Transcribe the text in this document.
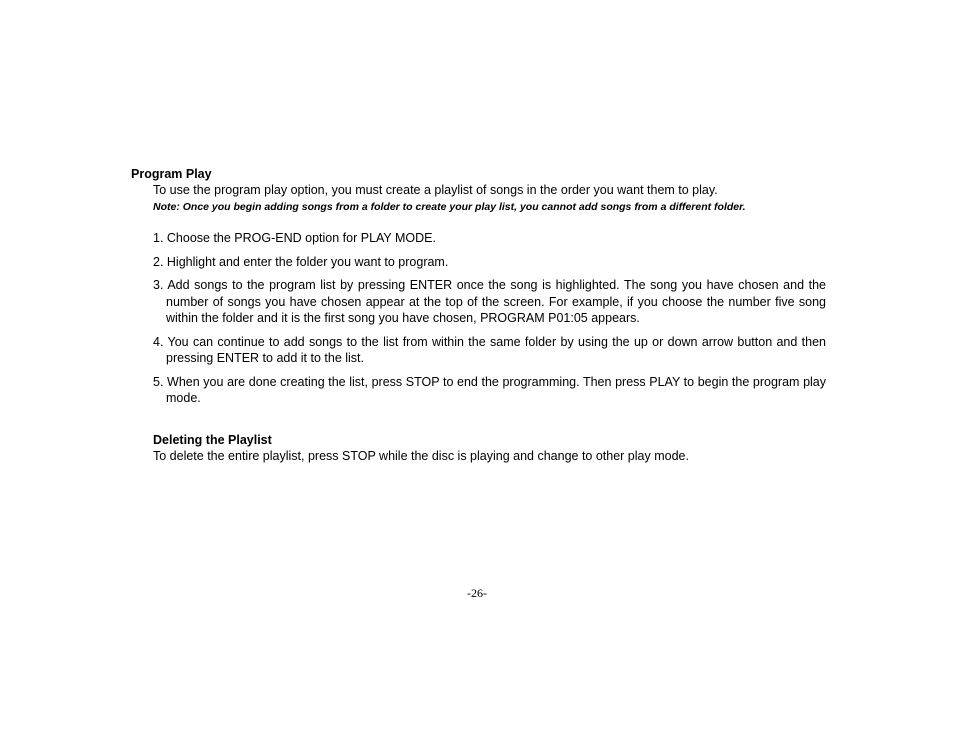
Program Play

To use the program play option, you must create a playlist of songs in the order you want them to play.

Note: Once you begin adding songs from a folder to create your play list, you cannot add songs from a different folder.

1. Choose the PROG-END option for PLAY MODE.
2. Highlight and enter the folder you want to program.
3. Add songs to the program list by pressing ENTER once the song is highlighted. The song you have chosen and the number of songs you have chosen appear at the top of the screen. For example, if you choose the number five song within the folder and it is the first song you have chosen, PROGRAM P01:05 appears.
4. You can continue to add songs to the list from within the same folder by using the up or down arrow button and then pressing ENTER to add it to the list.
5. When you are done creating the list, press STOP to end the programming. Then press PLAY to begin the program play mode.
Deleting the Playlist

To delete the entire playlist, press STOP while the disc is playing and change to other play mode.

-26-
